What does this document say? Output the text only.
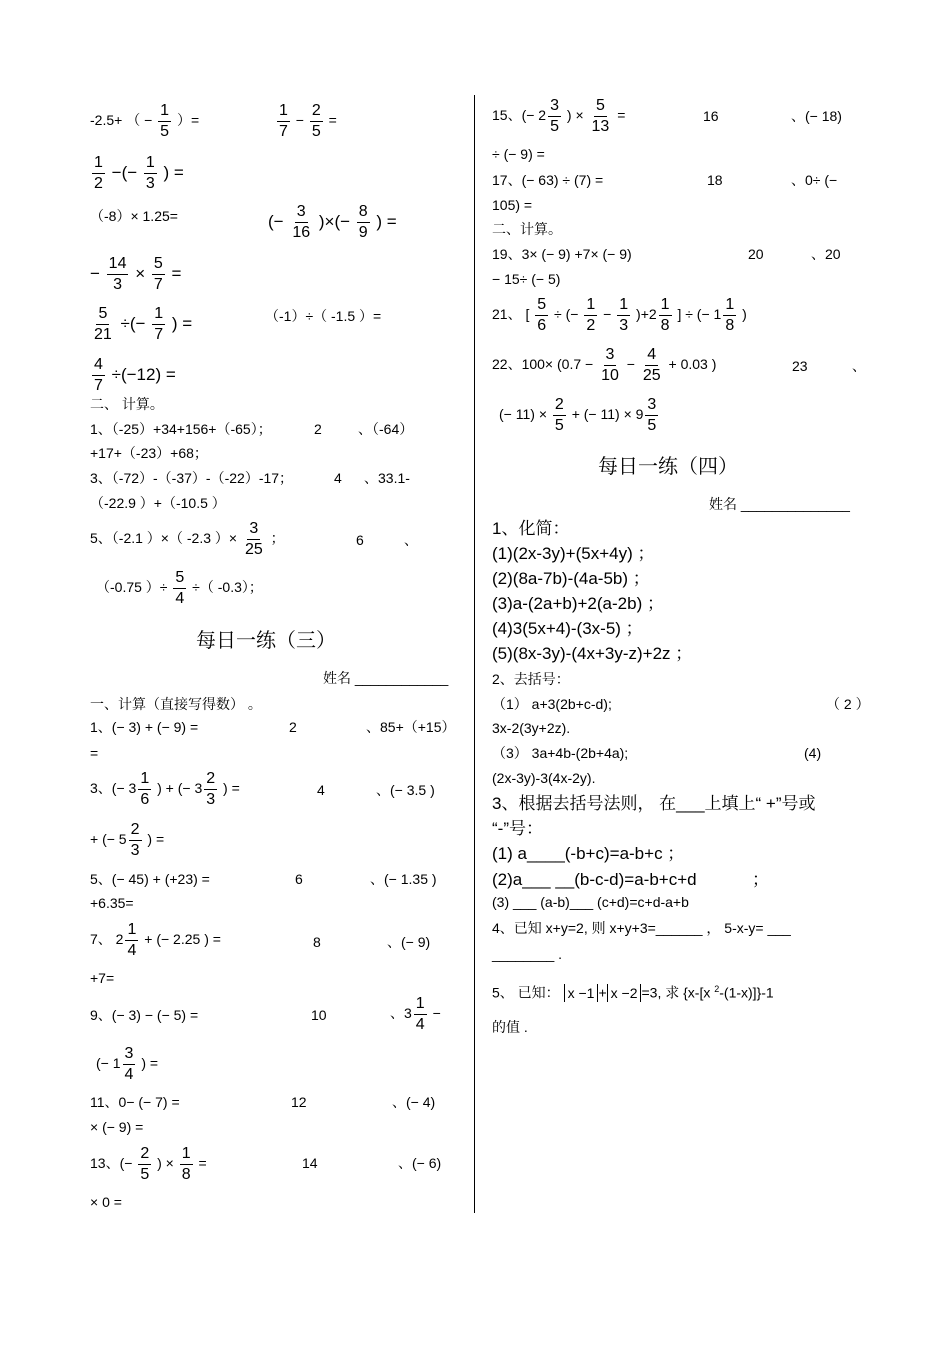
-2.5+ （ − $\frac{1}{5}$ ）=	$\frac{1}{7} - \frac{2}{5}$ =
$\frac{1}{2}$ −(− $\frac{1}{3}$ ) =
（-8）× 1.25=	(− $\frac{3}{16}$ )×(− $\frac{8}{9}$ ) =
− $\frac{14}{3} \times \frac{5}{7}$ =
$\frac{5}{21}$ ÷(− $\frac{1}{7}$ ) =	（-1）÷（ -1.5 ）=
$\frac{4}{7} \div(-12)$ =
二、 计算。
1、（-25）+34+156+（-65）；	2	、（-64）
+17+（-23）+68；
3、（-72）-（-37）-（-22）-17；	4 、33.1-
（-22.9 ）+（-10.5 ）
5、（-2.1 ）×（ -2.3 ）× $\frac{3}{25}$ ；	6	、
（-0.75 ）÷ $\frac{5}{4}$ ÷（ -0.3）；
每日一练（三）
姓名 ____________
一、计算（直接写得数） 。
1、(− 3) + (− 9) =	2	、85+（+15）
=
3、(− $3 \frac{1}{6}$ ) + (− $3 \frac{2}{3}$ ) =	4	、(− 3.5 )
+ (− $5 \frac{2}{3}$ ) =
5、(− 45) + (+23) =	6	、(− 1.35 )
+6.35=
7、 $2 \frac{1}{4}$ + (− 2.25 ) =	8	、(− 9)
+7=
9、(− 3) − (− 5) =	10	、$3 \frac{1}{4}$ −
(− $1 \frac{3}{4}$ ) =
11、0− (− 7) =	12	、(− 4)
× (− 9) =
13、(− $\frac{2}{5}$ ) × $\frac{1}{8}$ =	14	、(− 6)
× 0 =
15、(− $2 \frac{3}{5}$ ) × $\frac{5}{13}$ =	16	、(− 18)
÷ (− 9) =
17、(− 63) ÷ (7) =	18	、0÷ (−
105) =
二、计算。
19、3× (− 9) +7× (− 9)	20	、20
− 15÷ (− 5)
21、 [ $\frac{5}{6}$ ÷ (− $\frac{1}{2} - \frac{1}{3} )+2 \frac{1}{8}$ ] ÷ (− $1 \frac{1}{8}$ )
22、$100\times (0.7 - \frac{3}{10} - \frac{4}{25} + 0.03$ )	23	、
(− $11) \times \frac{2}{5}$ + (− $11) \times 9 \frac{3}{5}$
每日一练（四）
姓名 ______________
1、化简：
(1)(2x-3y)+(5x+4y) ；
(2)(8a-7b)-(4a-5b) ；
(3)a-(2a+b)+2(a-2b) ；
(4)3(5x+4)-(3x-5) ；
(5)(8x-3y)-(4x+3y-z)+2z ；
2、去括号：
（1） a+3(2b+c-d);	（ 2 ）
3x-2(3y+2z).
（3） 3a+4b-(2b+4a);	(4)
(2x-3y)-3(4x-2y).
3、根据去括号法则， 在___上填上“ +”号或
“-”号：
(1) a____(-b+c)=a-b+c ；
(2)a___ __(b-c-d)=a-b+c+d	；
(3) ___ (a-b)___ (c+d)=c+d-a+b
4、已知 x+y=2, 则 x+y+3=______ ， 5-x-y= ___
________ .
5、 已知： x −1 + x −2 =3, 求 {x-[x $^2$-(1-x)]}-1
的值 .
